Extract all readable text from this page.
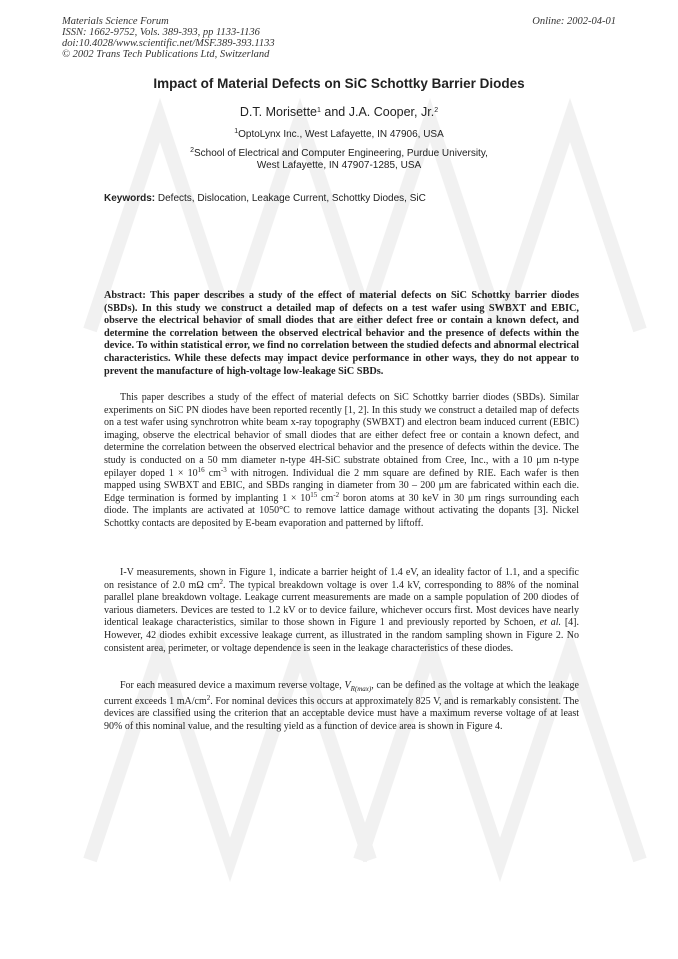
Materials Science Forum
ISSN: 1662-9752, Vols. 389-393, pp 1133-1136
doi:10.4028/www.scientific.net/MSF.389-393.1133
© 2002 Trans Tech Publications Ltd, Switzerland
Online: 2002-04-01
Impact of Material Defects on SiC Schottky Barrier Diodes
D.T. Morisette$^1$ and J.A. Cooper, Jr.$^2$
$^1$OptoLynx Inc., West Lafayette, IN 47906, USA
$^2$School of Electrical and Computer Engineering, Purdue University,
West Lafayette, IN 47907-1285, USA
Keywords: Defects, Dislocation, Leakage Current, Schottky Diodes, SiC

Abstract: This paper describes a study of the effect of material defects on SiC Schottky barrier diodes (SBDs). In this study we construct a detailed map of defects on a test wafer using SWBXT and EBIC, observe the electrical behavior of small diodes that are either defect free or contain a known defect, and determine the correlation between the observed electrical behavior and the presence of defects within the device. To within statistical error, we find no correlation between the studied defects and abnormal electrical characteristics. While these defects may impact device performance in other ways, they do not appear to prevent the manufacture of high-voltage low-leakage SiC SBDs.

This paper describes a study of the effect of material defects on SiC Schottky barrier diodes (SBDs). Similar experiments on SiC PN diodes have been reported recently [1, 2]. In this study we construct a detailed map of defects on a test wafer using synchrotron white beam x-ray topography (SWBXT) and electron beam induced current (EBIC) imaging, observe the electrical behavior of small diodes that are either defect free or contain a known defect, and determine the correlation between the observed electrical behavior and the presence of defects within the device. The study is conducted on a 50 mm diameter n-type 4H-SiC substrate obtained from Cree, Inc., with a 10 μm n-type epilayer doped $1 \times 10^{16}$ $cm^{-3}$ with nitrogen. Individual die 2 mm square are defined by RIE. Each wafer is then mapped using SWBXT and EBIC, and SBDs ranging in diameter from 30 – 200 μm are fabricated within each die. Edge termination is formed by implanting $1 \times 10^{15}$ $cm^{-2}$ boron atoms at 30 keV in 30 μm rings surrounding each diode. The implants are activated at 1050°C to remove lattice damage without activating the dopants [3]. Nickel Schottky contacts are deposited by E-beam evaporation and patterned by liftoff.

I-V measurements, shown in Figure 1, indicate a barrier height of 1.4 eV, an ideality factor of 1.1, and a specific on resistance of 2.0 mΩ $cm^2$. The typical breakdown voltage is over 1.4 kV, corresponding to 88% of the nominal parallel plane breakdown voltage. Leakage current measurements are made on a sample population of 200 diodes of various diameters. Devices are tested to 1.2 kV or to device failure, whichever occurs first. Most devices have nearly identical leakage characteristics, similar to those shown in Figure 1 and previously reported by Schoen, et al. [4]. However, 42 diodes exhibit excessive leakage current, as illustrated in the random sampling shown in Figure 2. No consistent area, perimeter, or voltage dependence is seen in the leakage characteristics of these diodes.

For each measured device a maximum reverse voltage, $V_{R(max)}$, can be defined as the voltage at which the leakage current exceeds 1 $mA/cm^2$. For nominal devices this occurs at approximately 825 V, and is remarkably consistent. The devices are classified using the criterion that an acceptable device must have a maximum reverse voltage of at least 90% of this nominal value, and the resulting yield as a function of device area is shown in Figure 4.
